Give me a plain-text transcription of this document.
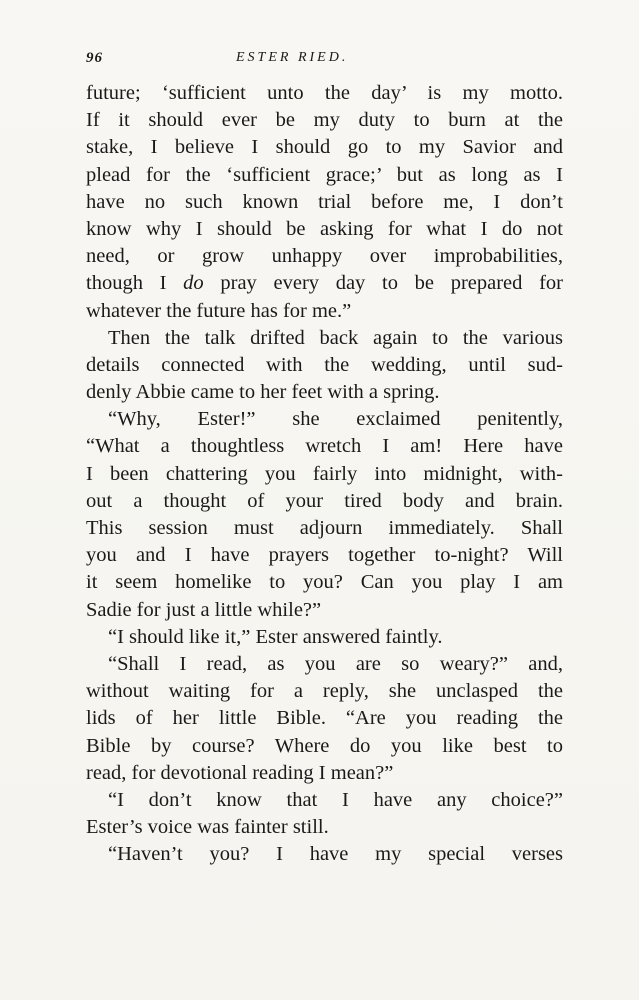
96	ESTER RIED.
future; ‘sufficient unto the day’ is my motto.
If it should ever be my duty to burn at the
stake, I believe I should go to my Savior and
plead for the ‘sufficient grace;’ but as long as I
have no such known trial before me, I don’t
know why I should be asking for what I do not
need, or grow unhappy over improbabilities,
though I do pray every day to be prepared for
whatever the future has for me.”
Then the talk drifted back again to the various
details connected with the wedding, until sud-
denly Abbie came to her feet with a spring.
“Why, Ester!” she exclaimed penitently,
“What a thoughtless wretch I am! Here have
I been chattering you fairly into midnight, with-
out a thought of your tired body and brain.
This session must adjourn immediately. Shall
you and I have prayers together to-night? Will
it seem homelike to you? Can you play I am
Sadie for just a little while?”
“I should like it,” Ester answered faintly.
“Shall I read, as you are so weary?” and,
without waiting for a reply, she unclasped the
lids of her little Bible. “Are you reading the
Bible by course? Where do you like best to
read, for devotional reading I mean?”
“I don’t know that I have any choice?”
Ester’s voice was fainter still.
“Haven’t you? I have my special verses
